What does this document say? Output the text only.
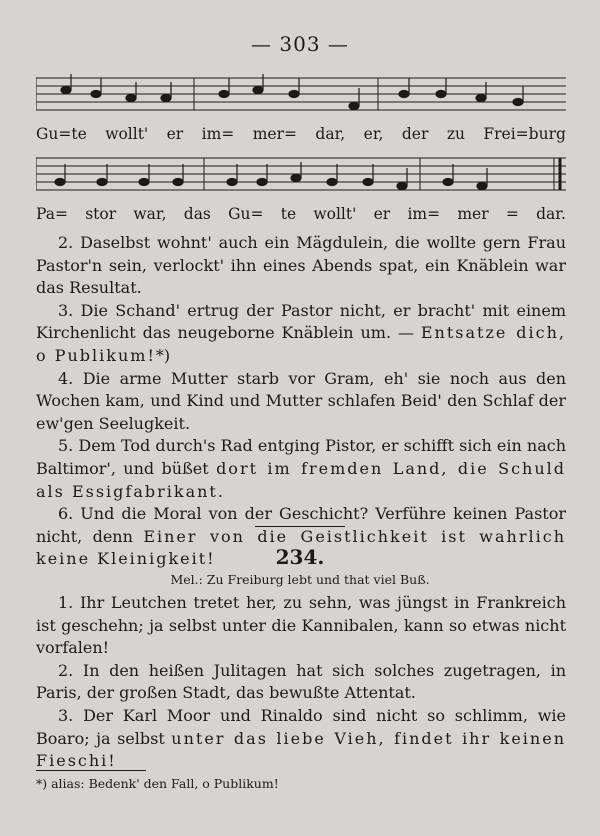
— 303 —
Gu=te wollt' er im= mer= dar, er, der zu Frei=burg
Pa= stor war, das Gu= te wollt' er im= mer = dar.

2. Daselbst wohnt' auch ein Mägdulein, die wollte gern Frau Pastor'n sein, verlockt' ihn eines Abends spat, ein Knäblein war das Resultat.

3. Die Schand' ertrug der Pastor nicht, er bracht' mit einem Kirchenlicht das neugeborne Knäblein um. — Entsatze dich, o Publikum!*)

4. Die arme Mutter starb vor Gram, eh' sie noch aus den Wochen kam, und Kind und Mutter schlafen Beid' den Schlaf der ew'gen Seelugkeit.

5. Dem Tod durch's Rad entging Pistor, er schifft sich ein nach Baltimor', und büßet dort im fremden Land, die Schuld als Essigfabrikant.

6. Und die Moral von der Geschicht? Verführe keinen Pastor nicht, denn Einer von die Geistlichkeit ist wahrlich keine Kleinigkeit!	234.
Mel.: Zu Freiburg lebt und that viel Buß.

1. Ihr Leutchen tretet her, zu sehn, was jüngst in Frankreich ist geschehn; ja selbst unter die Kannibalen, kann so etwas nicht vorfalen!

2. In den heißen Julitagen hat sich solches zugetragen, in Paris, der großen Stadt, das bewußte Attentat.

3. Der Karl Moor und Rinaldo sind nicht so schlimm, wie Boaro; ja selbst unter das liebe Vieh, findet ihr keinen Fieschi!

*) alias: Bedenk' den Fall, o Publikum!
